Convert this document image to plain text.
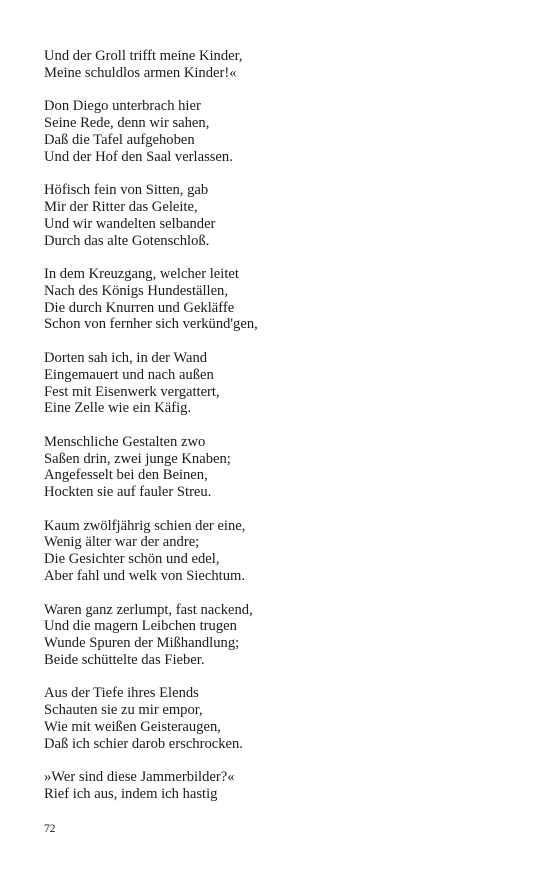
Und der Groll trifft meine Kinder,
Meine schuldlos armen Kinder!«
Don Diego unterbrach hier
Seine Rede, denn wir sahen,
Daß die Tafel aufgehoben
Und der Hof den Saal verlassen.
Höfisch fein von Sitten, gab
Mir der Ritter das Geleite,
Und wir wandelten selbander
Durch das alte Gotenschloß.
In dem Kreuzgang, welcher leitet
Nach des Königs Hundeställen,
Die durch Knurren und Gekläffe
Schon von fernher sich verkünd'gen,
Dorten sah ich, in der Wand
Eingemauert und nach außen
Fest mit Eisenwerk vergattert,
Eine Zelle wie ein Käfig.
Menschliche Gestalten zwo
Saßen drin, zwei junge Knaben;
Angefesselt bei den Beinen,
Hockten sie auf fauler Streu.
Kaum zwölfjährig schien der eine,
Wenig älter war der andre;
Die Gesichter schön und edel,
Aber fahl und welk von Siechtum.
Waren ganz zerlumpt, fast nackend,
Und die magern Leibchen trugen
Wunde Spuren der Mißhandlung;
Beide schüttelte das Fieber.
Aus der Tiefe ihres Elends
Schauten sie zu mir empor,
Wie mit weißen Geisteraugen,
Daß ich schier darob erschrocken.
»Wer sind diese Jammerbilder?«
Rief ich aus, indem ich hastig
72
